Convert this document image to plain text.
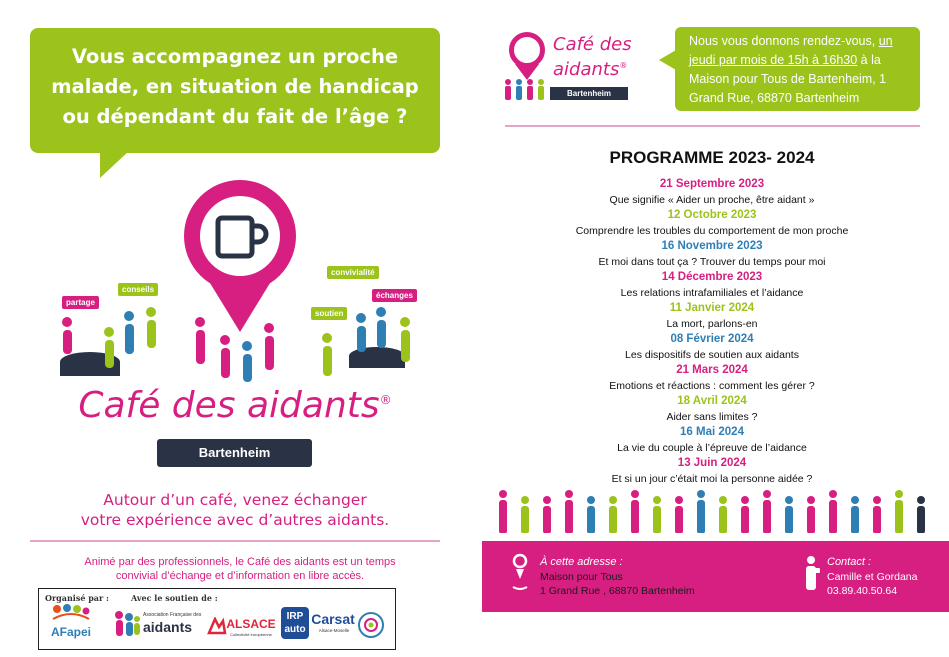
Vous accompagnez un proche
malade, en situation de handicap
ou dépendant du fait de l’âge ?
partage
conseils
convivialité
échanges
soutien
Café des aidants®
Bartenheim
Autour d’un café, venez échanger
votre expérience avec d’autres aidants.
Animé par des professionnels, le Café des aidants est un temps
convivial d’échange et d’information en libre accès.
Organisé par :	Avec le soutien de :
AFapei
Association Française des
aidants	ALSACE
Collectivité européenne
IRP
auto
Carsat
Alsace-Moselle
Café des
aidants®
Bartenheim
Nous vous donnons rendez-vous, un
jeudi par mois de 15h à 16h30 à la
Maison pour Tous de Bartenheim, 1
Grand Rue, 68870 Bartenheim
PROGRAMME 2023- 2024
21 Septembre 2023
Que signifie « Aider un proche, être aidant »
12 Octobre 2023
Comprendre les troubles du comportement de mon proche
16 Novembre 2023
Et moi dans tout ça ? Trouver du temps pour moi
14 Décembre 2023
Les relations intrafamiliales et l’aidance
11 Janvier 2024
La mort, parlons-en
08 Février 2024
Les dispositifs de soutien aux aidants
21 Mars 2024
Emotions et réactions : comment les gérer ?
18 Avril 2024
Aider sans limites ?
16 Mai 2024
La vie du couple à l’épreuve de l’aidance
13 Juin 2024
Et si un jour c’était moi la personne aidée ?
À cette adresse :
Maison pour Tous
1 Grand Rue , 68870 Bartenheim
Contact :
Camille et Gordana
03.89.40.50.64
